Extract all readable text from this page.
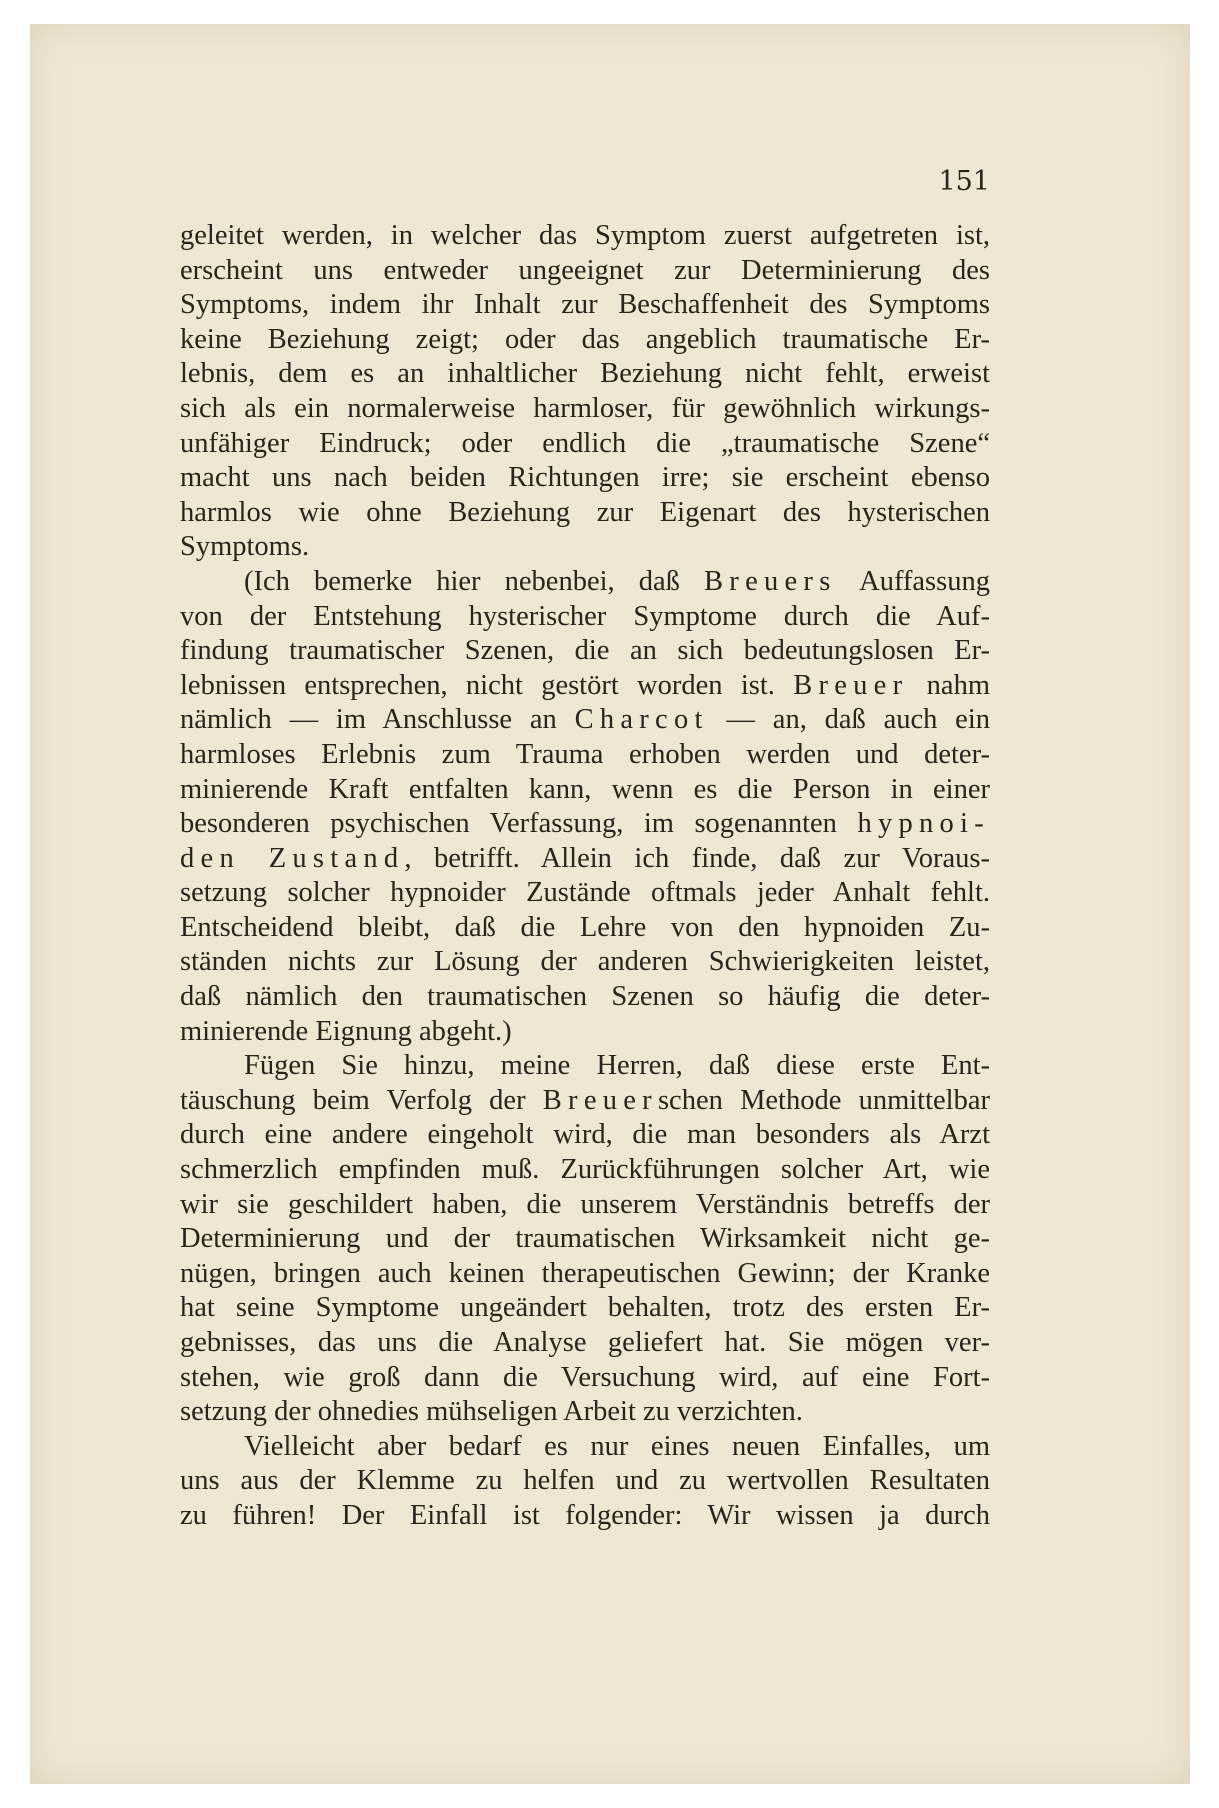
151
geleitet werden, in welcher das Symptom zuerst aufgetreten ist,
erscheint uns entweder ungeeignet zur Determinierung des
Symptoms, indem ihr Inhalt zur Beschaffenheit des Symptoms
keine Beziehung zeigt; oder das angeblich traumatische Er-
lebnis, dem es an inhaltlicher Beziehung nicht fehlt, erweist
sich als ein normalerweise harmloser, für gewöhnlich wirkungs-
unfähiger Eindruck; oder endlich die „traumatische Szene“
macht uns nach beiden Richtungen irre; sie erscheint ebenso
harmlos wie ohne Beziehung zur Eigenart des hysterischen
Symptoms.
(Ich bemerke hier nebenbei, daß Breuers Auffassung
von der Entstehung hysterischer Symptome durch die Auf-
findung traumatischer Szenen, die an sich bedeutungslosen Er-
lebnissen entsprechen, nicht gestört worden ist. Breuer nahm
nämlich — im Anschlusse an Charcot — an, daß auch ein
harmloses Erlebnis zum Trauma erhoben werden und deter-
minierende Kraft entfalten kann, wenn es die Person in einer
besonderen psychischen Verfassung, im sogenannten hypnoi-
den Zustand, betrifft. Allein ich finde, daß zur Voraus-
setzung solcher hypnoider Zustände oftmals jeder Anhalt fehlt.
Entscheidend bleibt, daß die Lehre von den hypnoiden Zu-
ständen nichts zur Lösung der anderen Schwierigkeiten leistet,
daß nämlich den traumatischen Szenen so häufig die deter-
minierende Eignung abgeht.)
Fügen Sie hinzu, meine Herren, daß diese erste Ent-
täuschung beim Verfolg der Breuerschen Methode unmittelbar
durch eine andere eingeholt wird, die man besonders als Arzt
schmerzlich empfinden muß. Zurückführungen solcher Art, wie
wir sie geschildert haben, die unserem Verständnis betreffs der
Determinierung und der traumatischen Wirksamkeit nicht ge-
nügen, bringen auch keinen therapeutischen Gewinn; der Kranke
hat seine Symptome ungeändert behalten, trotz des ersten Er-
gebnisses, das uns die Analyse geliefert hat. Sie mögen ver-
stehen, wie groß dann die Versuchung wird, auf eine Fort-
setzung der ohnedies mühseligen Arbeit zu verzichten.
Vielleicht aber bedarf es nur eines neuen Einfalles, um
uns aus der Klemme zu helfen und zu wertvollen Resultaten
zu führen! Der Einfall ist folgender: Wir wissen ja durch
